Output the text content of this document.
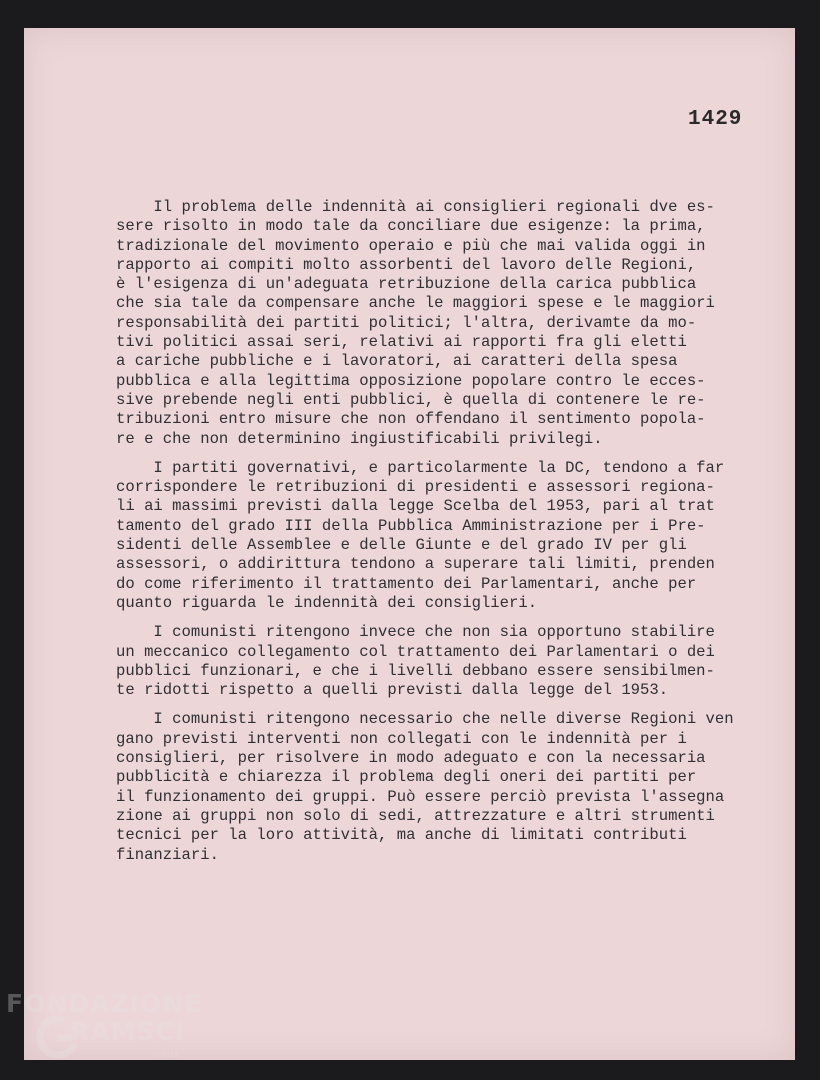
1429
Il problema delle indennità ai consiglieri regionali dve es-
sere risolto in modo tale da conciliare due esigenze: la prima,
tradizionale del movimento operaio e più che mai valida oggi in
rapporto ai compiti molto assorbenti del lavoro delle Regioni,
è l'esigenza di un'adeguata retribuzione della carica pubblica
che sia tale da compensare anche le maggiori spese e le maggiori
responsabilità dei partiti politici; l'altra, derivamte da mo-
tivi politici assai seri, relativi ai rapporti fra gli eletti
a cariche pubbliche e i lavoratori, ai caratteri della spesa
pubblica e alla legittima opposizione popolare contro le ecces-
sive prebende negli enti pubblici, è quella di contenere le re-
tribuzioni entro misure che non offendano il sentimento popola-
re e che non determinino ingiustificabili privilegi.
I partiti governativi, e particolarmente la DC, tendono a far
corrispondere le retribuzioni di presidenti e assessori regiona-
li ai massimi previsti dalla legge Scelba del 1953, pari al trat
tamento del grado III della Pubblica Amministrazione per i Pre-
sidenti delle Assemblee e delle Giunte e del grado IV per gli
assessori, o addirittura tendono a superare tali limiti, prenden
do come riferimento il trattamento dei Parlamentari, anche per
quanto riguarda le indennità dei consiglieri.
I comunisti ritengono invece che non sia opportuno stabilire
un meccanico collegamento col trattamento dei Parlamentari o dei
pubblici funzionari, e che i livelli debbano essere sensibilmen-
te ridotti rispetto a quelli previsti dalla legge del 1953.
I comunisti ritengono necessario che nelle diverse Regioni ven
gano previsti interventi non collegati con le indennità per i
consiglieri, per risolvere in modo adeguato e con la necessaria
pubblicità e chiarezza il problema degli oneri dei partiti per
il funzionamento dei gruppi. Può essere perciò prevista l'assegna
zione ai gruppi non solo di sedi, attrezzature e altri strumenti
tecnici per la loro attività, ma anche di limitati contributi
finanziari.
FONDAZIONE
RAMSCI
onlus
